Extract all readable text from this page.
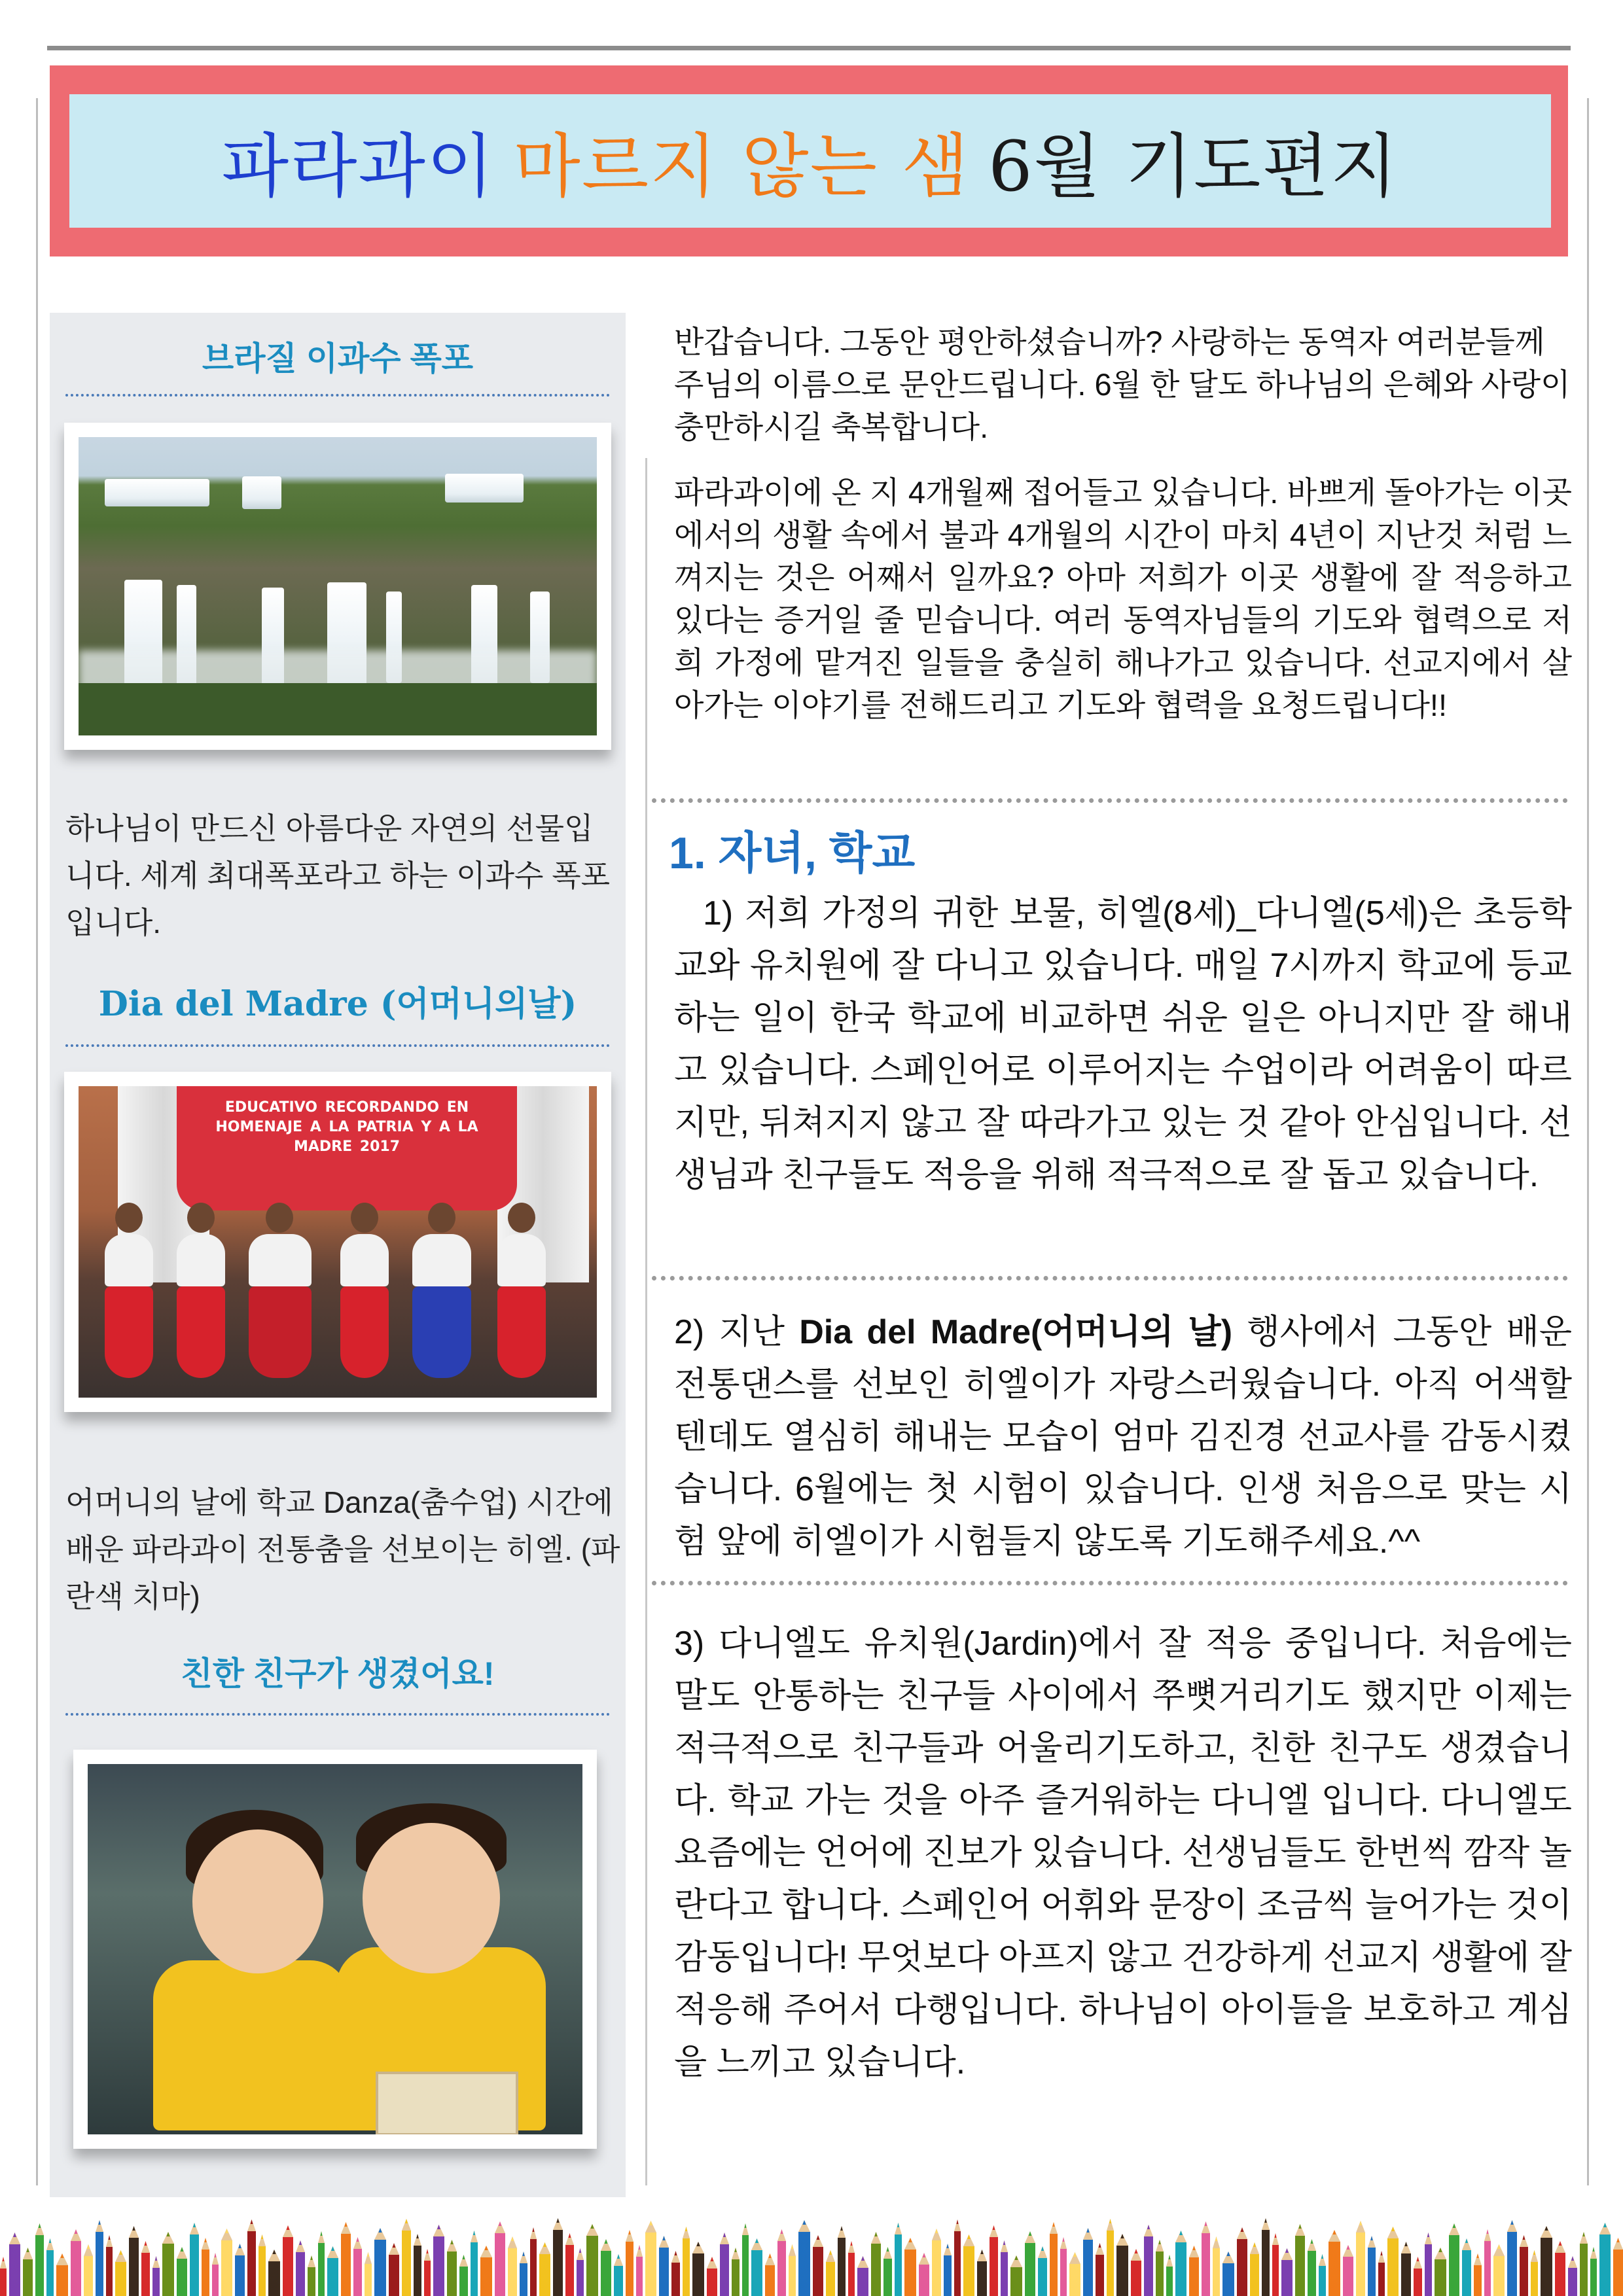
파라과이 마르지 않는 샘 6월 기도편지
브라질 이과수 폭포
하나님이 만드신 아름다운 자연의 선물입니다. 세계 최대폭포라고 하는 이과수 폭포입니다.
Dia del Madre (어머니의날)
EDUCATIVO RECORDANDO EN HOMENAJE A LA PATRIA Y A LA MADRE 2017
어머니의 날에 학교 Danza(춤수업) 시간에 배운 파라과이 전통춤을 선보이는 히엘. (파란색 치마)
친한 친구가 생겼어요!

반갑습니다. 그동안 평안하셨습니까? 사랑하는 동역자 여러분들께 주님의 이름으로 문안드립니다. 6월 한 달도 하나님의 은혜와 사랑이 충만하시길 축복합니다.

파라과이에 온 지 4개월째 접어들고 있습니다. 바쁘게 돌아가는 이곳에서의 생활 속에서 불과 4개월의 시간이 마치 4년이 지난것 처럼 느껴지는 것은 어째서 일까요? 아마 저희가 이곳 생활에 잘 적응하고 있다는 증거일 줄 믿습니다. 여러 동역자님들의 기도와 협력으로 저희 가정에 맡겨진 일들을 충실히 해나가고 있습니다. 선교지에서 살아가는 이야기를 전해드리고 기도와 협력을 요청드립니다!!

1. 자녀, 학교

1) 저희 가정의 귀한 보물, 히엘(8세)_다니엘(5세)은 초등학교와 유치원에 잘 다니고 있습니다. 매일 7시까지 학교에 등교하는 일이 한국 학교에 비교하면 쉬운 일은 아니지만 잘 해내고 있습니다. 스페인어로 이루어지는 수업이라 어려움이 따르지만, 뒤쳐지지 않고 잘 따라가고 있는 것 같아 안심입니다. 선생님과 친구들도 적응을 위해 적극적으로 잘 돕고 있습니다.

2) 지난 Dia del Madre(어머니의 날) 행사에서 그동안 배운 전통댄스를 선보인 히엘이가 자랑스러웠습니다. 아직 어색할 텐데도 열심히 해내는 모습이 엄마 김진경 선교사를 감동시켰습니다. 6월에는 첫 시험이 있습니다. 인생 처음으로 맞는 시험 앞에 히엘이가 시험들지 않도록 기도해주세요.^^

3) 다니엘도 유치원(Jardin)에서 잘 적응 중입니다. 처음에는 말도 안통하는 친구들 사이에서 쭈뼛거리기도 했지만 이제는 적극적으로 친구들과 어울리기도하고, 친한 친구도 생겼습니다. 학교 가는 것을 아주 즐거워하는 다니엘 입니다. 다니엘도 요즘에는 언어에 진보가 있습니다. 선생님들도 한번씩 깜작 놀란다고 합니다. 스페인어 어휘와 문장이 조금씩 늘어가는 것이 감동입니다! 무엇보다 아프지 않고 건강하게 선교지 생활에 잘 적응해 주어서 다행입니다. 하나님이 아이들을 보호하고 계심을 느끼고 있습니다.
